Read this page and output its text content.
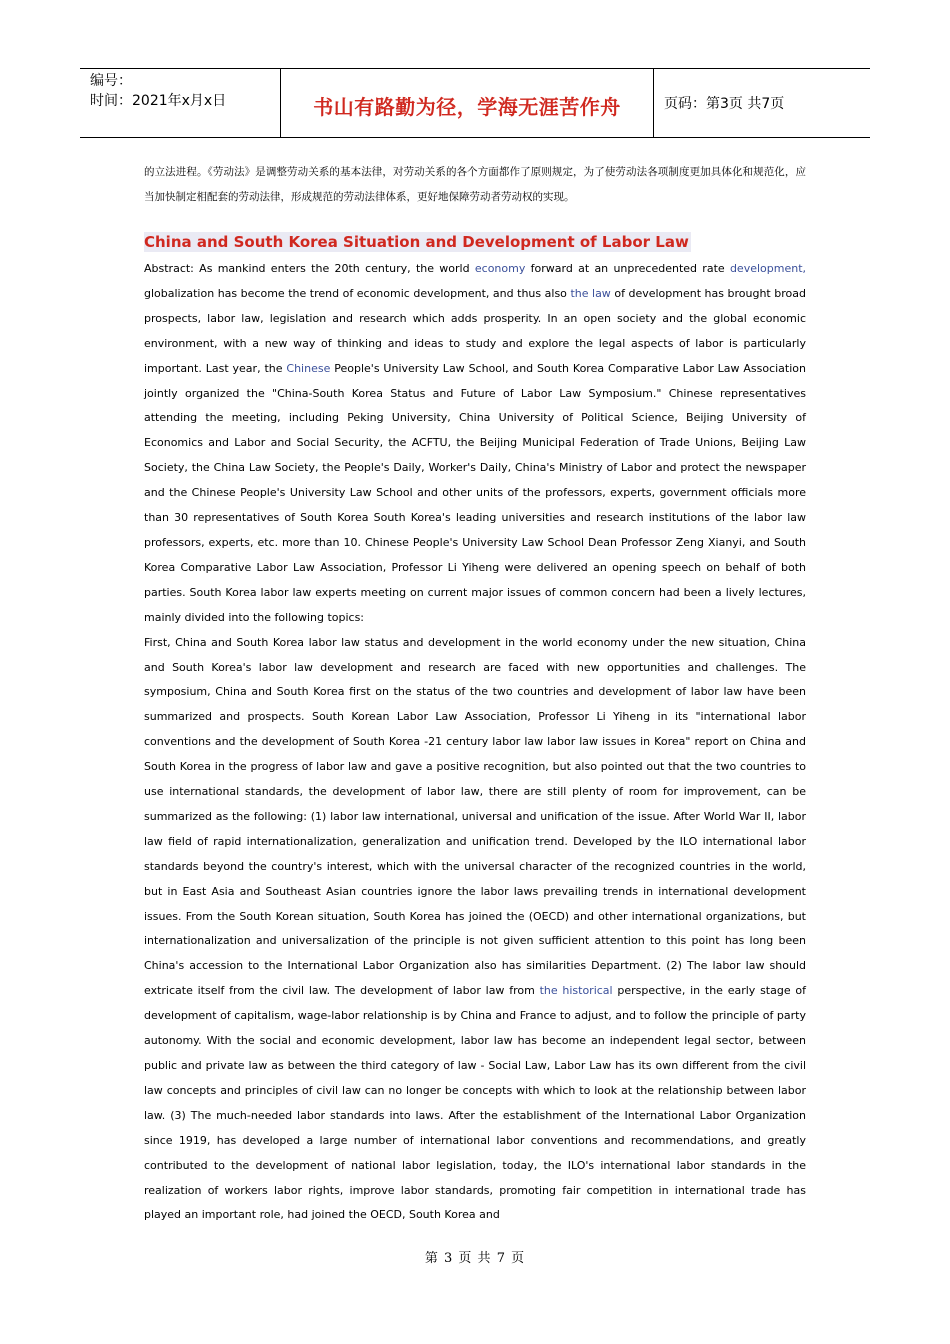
编号：
时间：2021年x月x日	书山有路勤为径，学海无涯苦作舟	页码：第3页 共7页
的立法进程。《劳动法》是调整劳动关系的基本法律，对劳动关系的各个方面都作了原则规定，为了使劳动法各项制度更加具体化和规范化，应当加快制定相配套的劳动法律，形成规范的劳动法律体系，更好地保障劳动者劳动权的实现。
China and South Korea Situation and Development of Labor Law

Abstract: As mankind enters the 20th century, the world economy forward at an unprecedented rate development, globalization has become the trend of economic development, and thus also the law of development has brought broad prospects, labor law, legislation and research which adds prosperity. In an open society and the global economic environment, with a new way of thinking and ideas to study and explore the legal aspects of labor is particularly important. Last year, the Chinese People's University Law School, and South Korea Comparative Labor Law Association jointly organized the "China-South Korea Status and Future of Labor Law Symposium." Chinese representatives attending the meeting, including Peking University, China University of Political Science, Beijing University of Economics and Labor and Social Security, the ACFTU, the Beijing Municipal Federation of Trade Unions, Beijing Law Society, the China Law Society, the People's Daily, Worker's Daily, China's Ministry of Labor and protect the newspaper and the Chinese People's University Law School and other units of the professors, experts, government officials more than 30 representatives of South Korea South Korea's leading universities and research institutions of the labor law professors, experts, etc. more than 10. Chinese People's University Law School Dean Professor Zeng Xianyi, and South Korea Comparative Labor Law Association, Professor Li Yiheng were delivered an opening speech on behalf of both parties. South Korea labor law experts meeting on current major issues of common concern had been a lively lectures, mainly divided into the following topics:

First, China and South Korea labor law status and development in the world economy under the new situation, China and South Korea's labor law development and research are faced with new opportunities and challenges. The symposium, China and South Korea first on the status of the two countries and development of labor law have been summarized and prospects. South Korean Labor Law Association, Professor Li Yiheng in its "international labor conventions and the development of South Korea -21 century labor law labor law issues in Korea" report on China and South Korea in the progress of labor law and gave a positive recognition, but also pointed out that the two countries to use international standards, the development of labor law, there are still plenty of room for improvement, can be summarized as the following: (1) labor law international, universal and unification of the issue. After World War II, labor law field of rapid internationalization, generalization and unification trend. Developed by the ILO international labor standards beyond the country's interest, which with the universal character of the recognized countries in the world, but in East Asia and Southeast Asian countries ignore the labor laws prevailing trends in international development issues. From the South Korean situation, South Korea has joined the (OECD) and other international organizations, but internationalization and universalization of the principle is not given sufficient attention to this point has long been China's accession to the International Labor Organization also has similarities Department. (2) The labor law should extricate itself from the civil law. The development of labor law from the historical perspective, in the early stage of development of capitalism, wage-labor relationship is by China and France to adjust, and to follow the principle of party autonomy. With the social and economic development, labor law has become an independent legal sector, between public and private law as between the third category of law - Social Law, Labor Law has its own different from the civil law concepts and principles of civil law can no longer be concepts with which to look at the relationship between labor law. (3) The much-needed labor standards into laws. After the establishment of the International Labor Organization since 1919, has developed a large number of international labor conventions and recommendations, and greatly contributed to the development of national labor legislation, today, the ILO's international labor standards in the realization of workers labor rights, improve labor standards, promoting fair competition in international trade has played an important role, had joined the OECD, South Korea and

第 3 页 共 7 页
